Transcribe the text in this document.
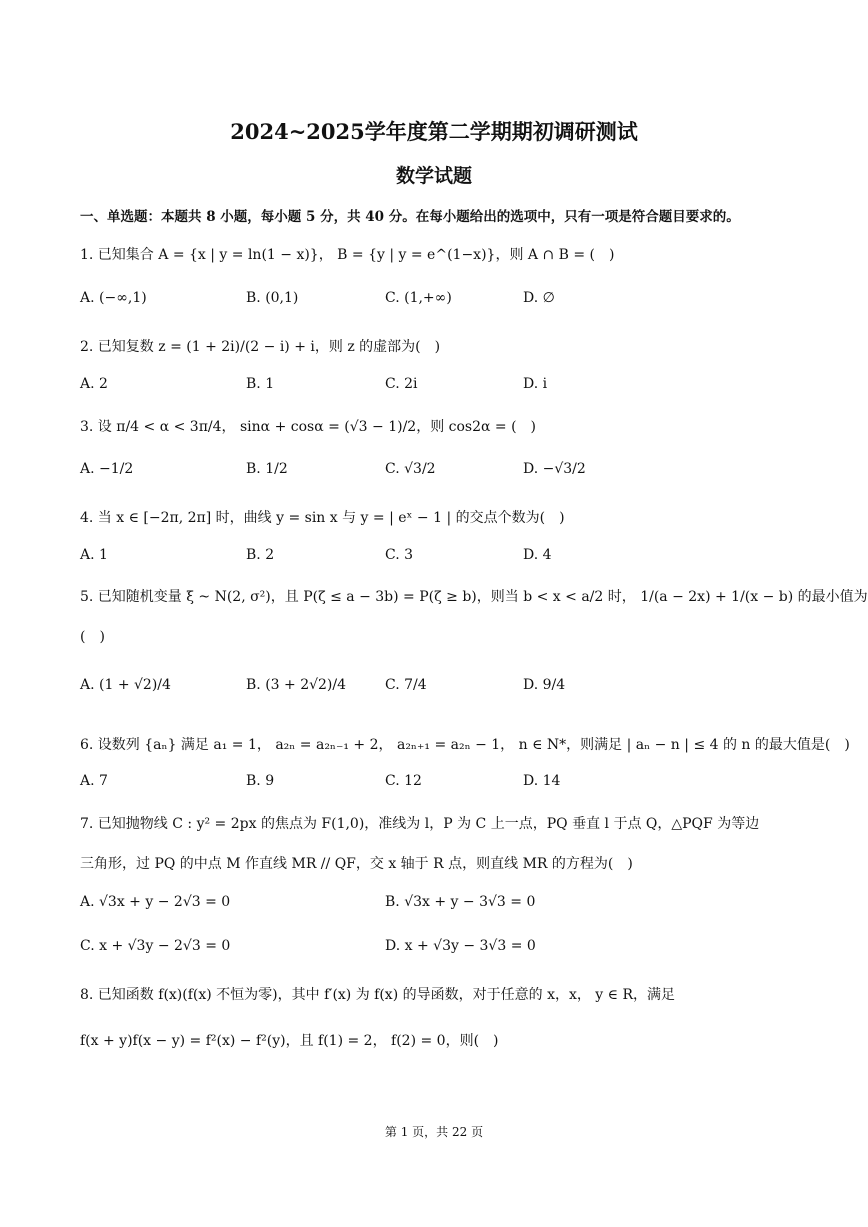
2024~2025学年度第二学期期初调研测试
数学试题
一、单选题：本题共 8 小题，每小题 5 分，共 40 分。在每小题给出的选项中，只有一项是符合题目要求的。
1. 已知集合 A = {x | y = ln(1 − x)}， B = {y | y = e^(1−x)}，则 A ∩ B = (　)
A. (−∞,1)	B. (0,1)	C. (1,+∞)	D. ∅
2. 已知复数 z = (1 + 2i)/(2 − i) + i，则 z 的虚部为(　)
A. 2	B. 1	C. 2i	D. i
3. 设 π/4 < α < 3π/4， sinα + cosα = (√3 − 1)/2，则 cos2α = (　)
A. −1/2	B. 1/2	C. √3/2	D. −√3/2
4. 当 x ∈ [−2π, 2π] 时，曲线 y = sin x 与 y = | eˣ − 1 | 的交点个数为(　)
A. 1	B. 2	C. 3	D. 4
5. 已知随机变量 ξ ~ N(2, σ²)，且 P(ζ ≤ a − 3b) = P(ζ ≥ b)，则当 b < x < a/2 时， 1/(a − 2x) + 1/(x − b) 的最小值为
(　)
A. (1 + √2)/4	B. (3 + 2√2)/4	C. 7/4	D. 9/4
6. 设数列 {aₙ} 满足 a₁ = 1， a₂ₙ = a₂ₙ₋₁ + 2， a₂ₙ₊₁ = a₂ₙ − 1， n ∈ N*，则满足 | aₙ − n | ≤ 4 的 n 的最大值是(　)
A. 7	B. 9	C. 12	D. 14
7. 已知抛物线 C : y² = 2px 的焦点为 F(1,0)，准线为 l，P 为 C 上一点，PQ 垂直 l 于点 Q，△PQF 为等边
三角形，过 PQ 的中点 M 作直线 MR // QF，交 x 轴于 R 点，则直线 MR 的方程为(　)
A. √3x + y − 2√3 = 0	B. √3x + y − 3√3 = 0
C. x + √3y − 2√3 = 0	D. x + √3y − 3√3 = 0
8. 已知函数 f(x)(f(x) 不恒为零)，其中 f′(x) 为 f(x) 的导函数，对于任意的 x，x， y ∈ R，满足
f(x + y)f(x − y) = f²(x) − f²(y)，且 f(1) = 2， f(2) = 0，则(　)
第 1 页，共 22 页
